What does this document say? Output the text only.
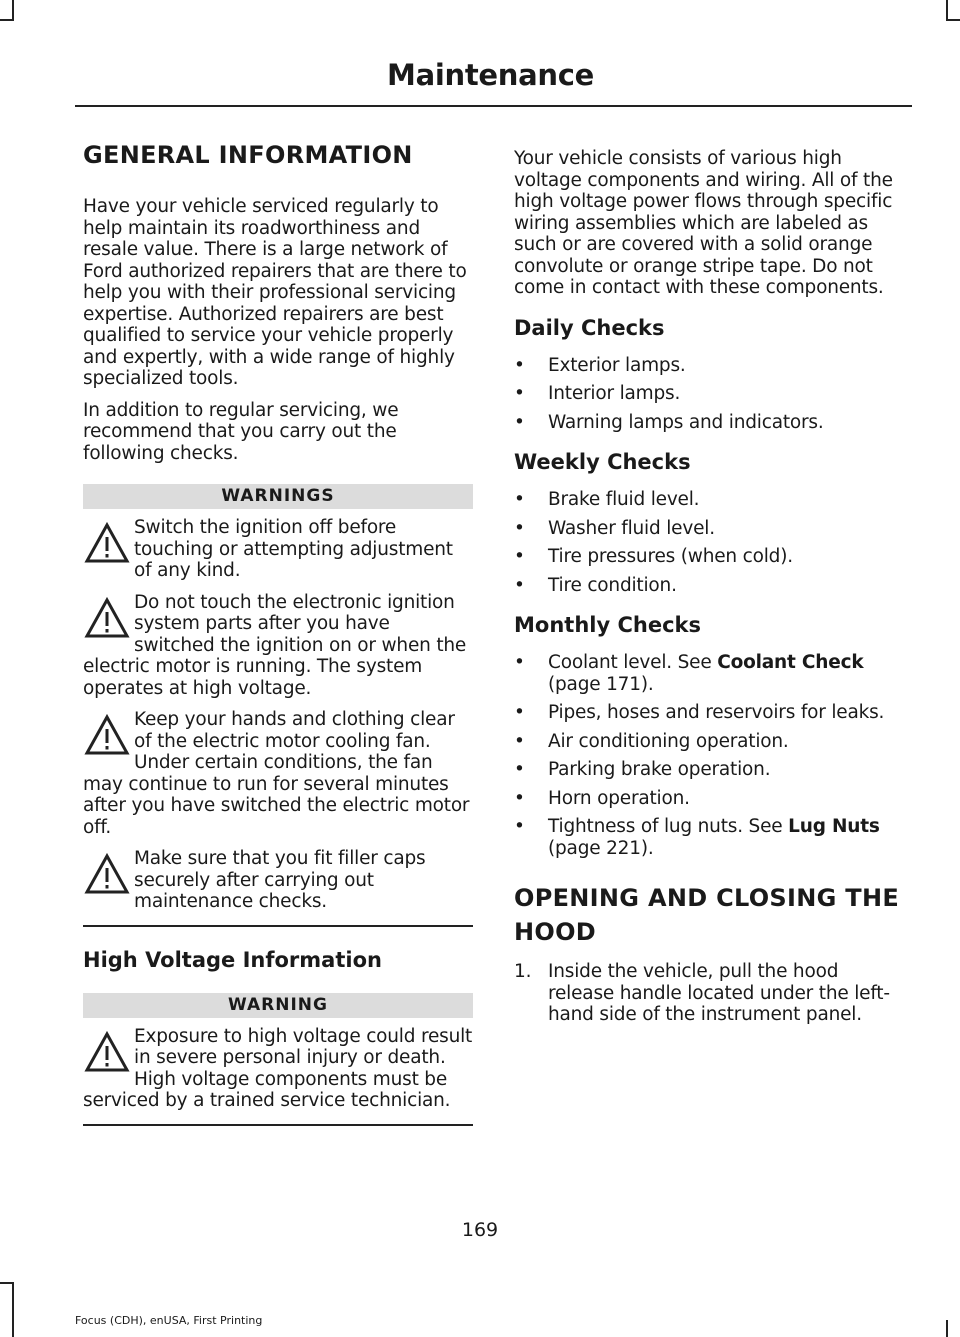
Maintenance
GENERAL INFORMATION

Have your vehicle serviced regularly to help maintain its roadworthiness and resale value. There is a large network of Ford authorized repairers that are there to help you with their professional servicing expertise. Authorized repairers are best qualified to service your vehicle properly and expertly, with a wide range of highly specialized tools.

In addition to regular servicing, we recommend that you carry out the following checks.

WARNINGS

Switch the ignition off before touching or attempting adjustment of any kind.

Do not touch the electronic ignition system parts after you have switched the ignition on or when the electric motor is running. The system operates at high voltage.

Keep your hands and clothing clear of the electric motor cooling fan. Under certain conditions, the fan may continue to run for several minutes after you have switched the electric motor off.

Make sure that you fit filler caps securely after carrying out maintenance checks.

High Voltage Information
WARNING

Exposure to high voltage could result in severe personal injury or death. High voltage components must be serviced by a trained service technician.

Your vehicle consists of various high voltage components and wiring. All of the high voltage power flows through specific wiring assemblies which are labeled as such or are covered with a solid orange convolute or orange stripe tape. Do not come in contact with these components.

Daily Checks
• Exterior lamps.
• Interior lamps.
• Warning lamps and indicators.
Weekly Checks
• Brake fluid level.
• Washer fluid level.
• Tire pressures (when cold).
• Tire condition.
Monthly Checks
• Coolant level. See Coolant Check
(page 171).
• Pipes, hoses and reservoirs for leaks.
• Air conditioning operation.
• Parking brake operation.
• Horn operation.
• Tightness of lug nuts. See Lug Nuts
(page 221).
OPENING AND CLOSING THE
HOOD
1. Inside the vehicle, pull the hood release handle located under the left-hand side of the instrument panel.
169
Focus (CDH), enUSA, First Printing
